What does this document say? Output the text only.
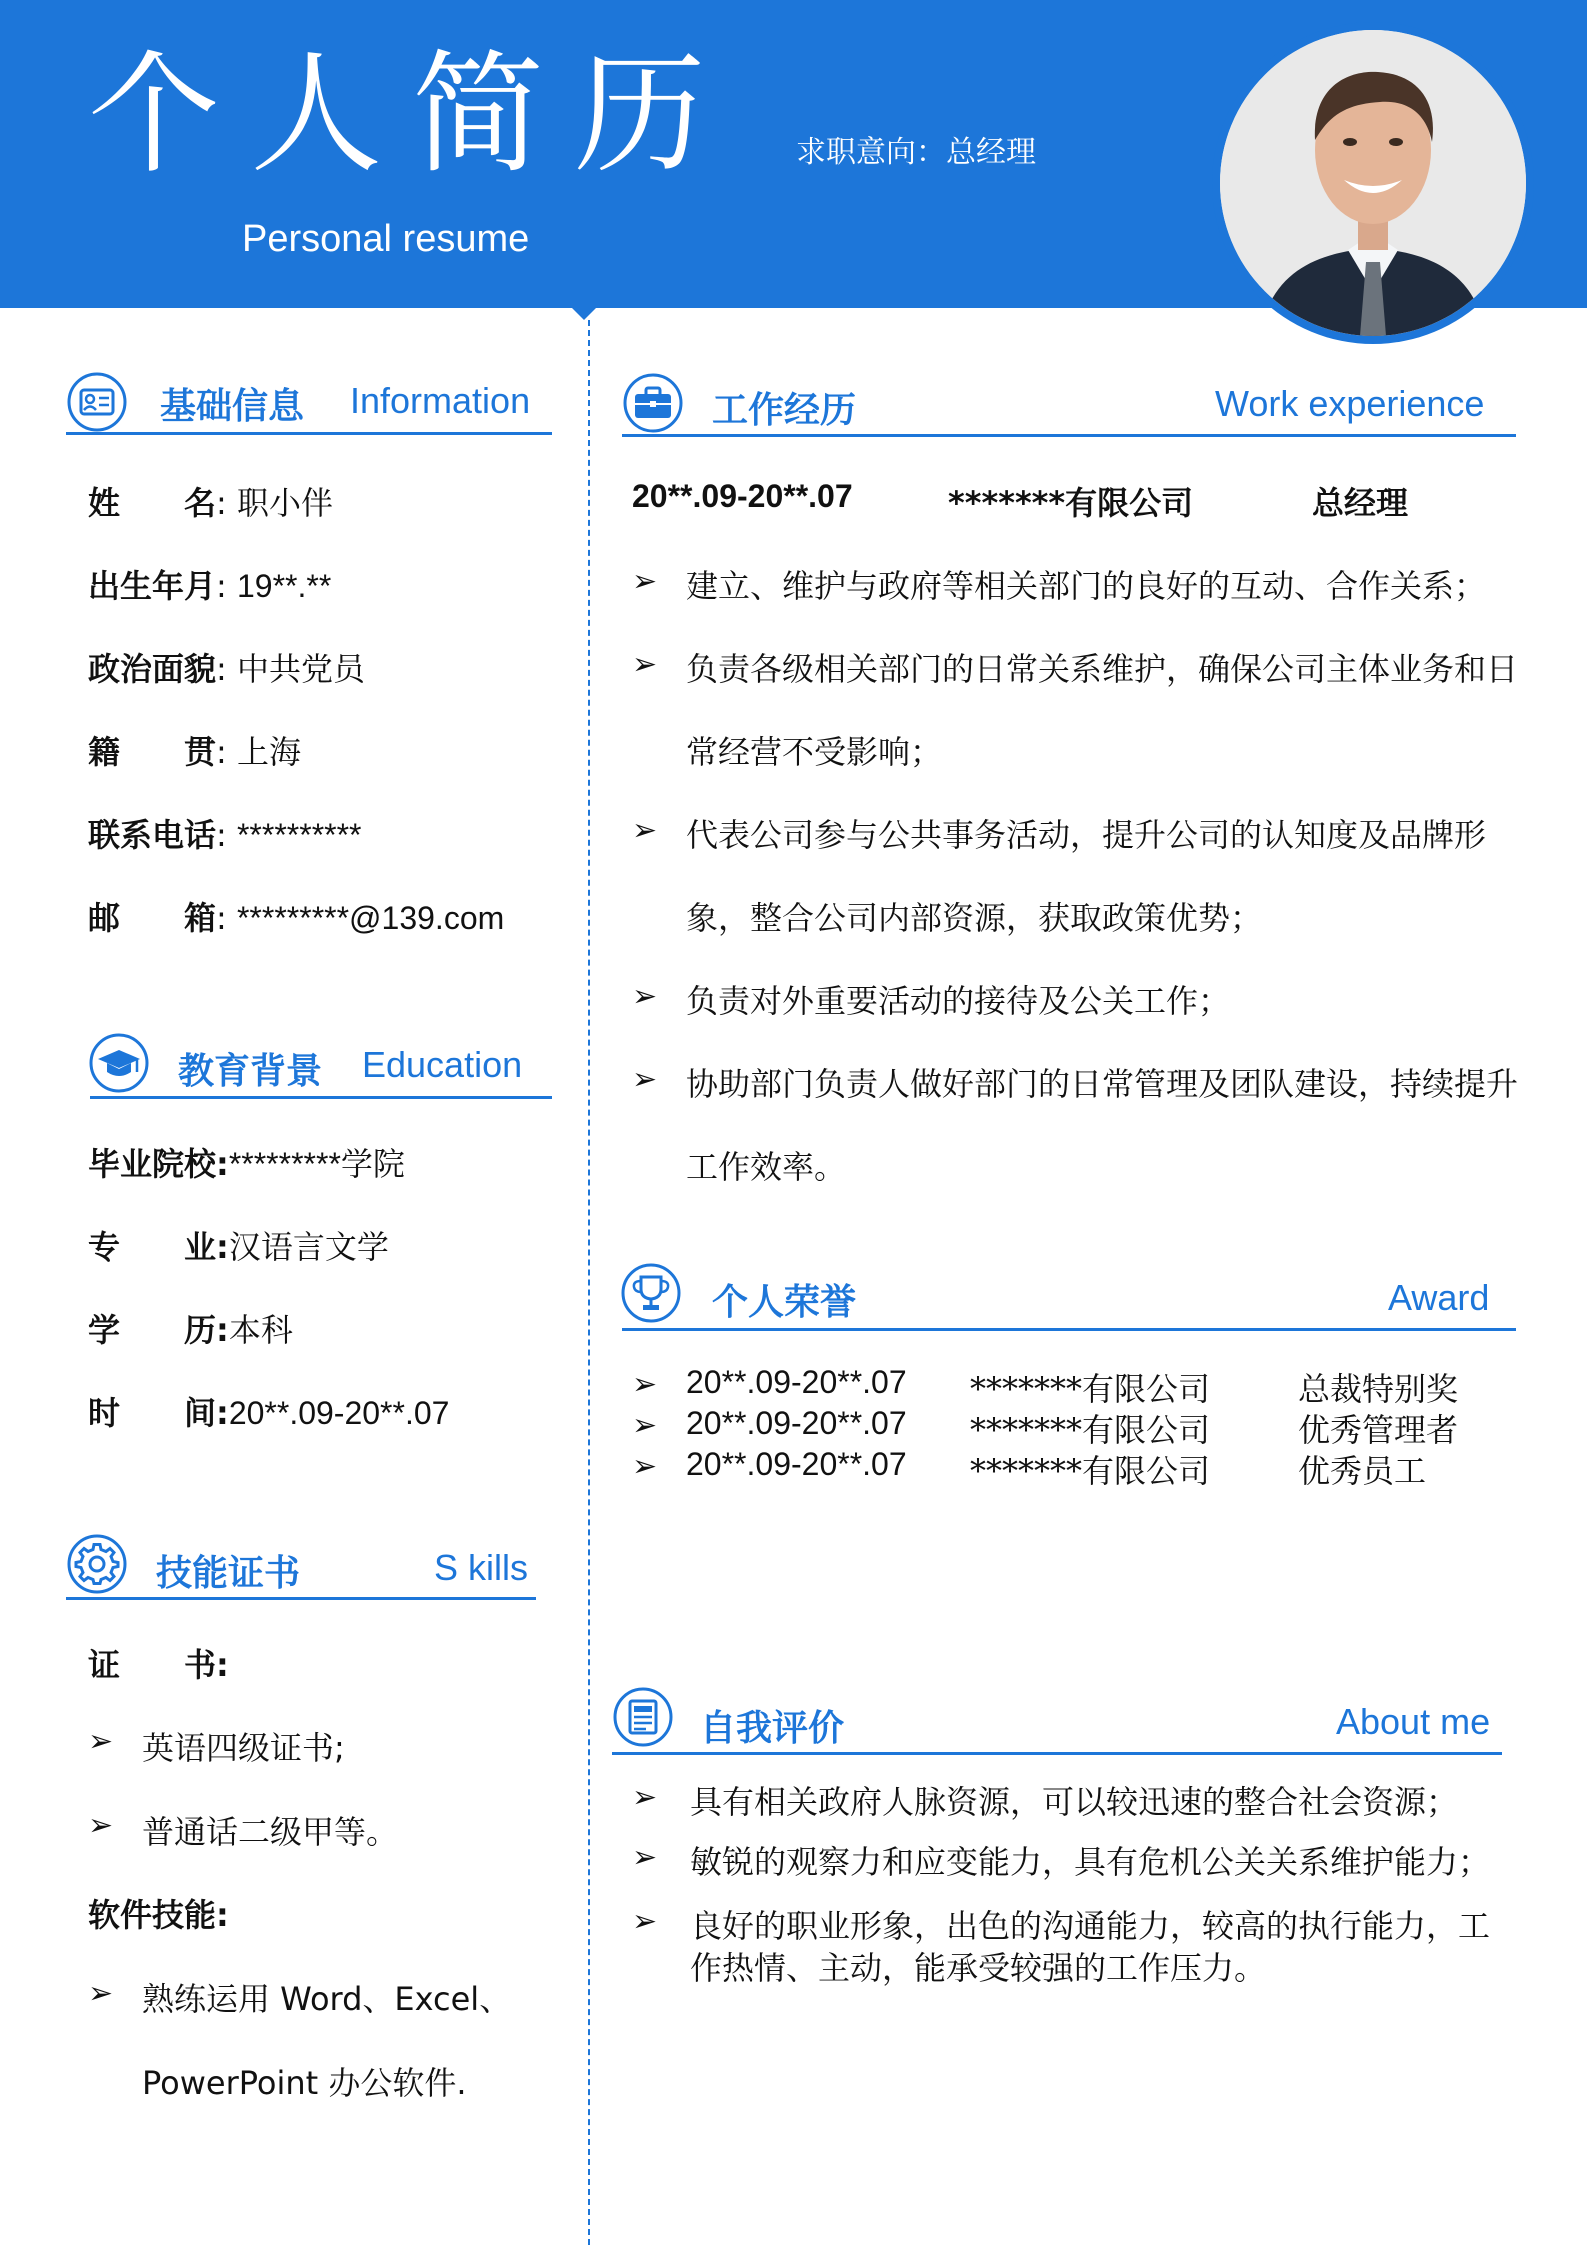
个人简历
Personal resume
求职意向：总经理
基础信息 Information
姓　　名: 职小伴
出生年月: 19**.**
政治面貌: 中共党员
籍　　贯: 上海
联系电话: **********
邮　　箱: *********@139.com
教育背景 Education
毕业院校:*********学院
专　　业:汉语言文学
学　　历:本科
时　　间:20**.09-20**.07
技能证书	S kills
证　　书:
➢ 英语四级证书;
➢ 普通话二级甲等。
软件技能:
➢ 熟练运用 Word、Excel、
PowerPoint 办公软件.
工作经历	Work experience
20**.09-20**.07	*******有限公司	总经理
➢ 建立、维护与政府等相关部门的良好的互动、合作关系；
➢ 负责各级相关部门的日常关系维护，确保公司主体业务和日
常经营不受影响；
➢ 代表公司参与公共事务活动，提升公司的认知度及品牌形
象，整合公司内部资源，获取政策优势；
➢ 负责对外重要活动的接待及公关工作；
➢ 协助部门负责人做好部门的日常管理及团队建设，持续提升
工作效率。
个人荣誉	Award
➢ 20**.09-20**.07 *******有限公司	总裁特别奖
➢ 20**.09-20**.07 *******有限公司	优秀管理者
➢ 20**.09-20**.07 *******有限公司	优秀员工
自我评价	About me
➢ 具有相关政府人脉资源，可以较迅速的整合社会资源；
➢ 敏锐的观察力和应变能力，具有危机公关关系维护能力；
➢ 良好的职业形象，出色的沟通能力，较高的执行能力，工
作热情、主动，能承受较强的工作压力。
